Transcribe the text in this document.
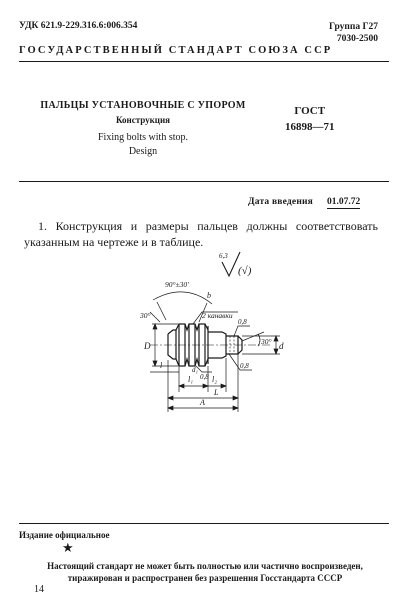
УДК 621.9-229.316.6:006.354	Группа Г27
7030-2500
ГОСУДАРСТВЕННЫЙ СТАНДАРТ СОЮЗА ССР
ПАЛЬЦЫ УСТАНОВОЧНЫЕ С УПОРОМ
Конструкция
Fixing bolts with stop.
Design
ГОСТ
16898—71
Дата введения 01.07.72
1. Конструкция и размеры пальцев должны соответствовать указанным на чертеже и в таблице.
6,3
(√)
90°±30′
b
30°	2 канавки
0,8
0,8
0,8
30°
D	d
l	d₁
l₁ l₂
L
A
Издание официальное
★
Настоящий стандарт не может быть полностью или частично воспроизведен,
тиражирован и распространен без разрешения Госстандарта СССР
14
